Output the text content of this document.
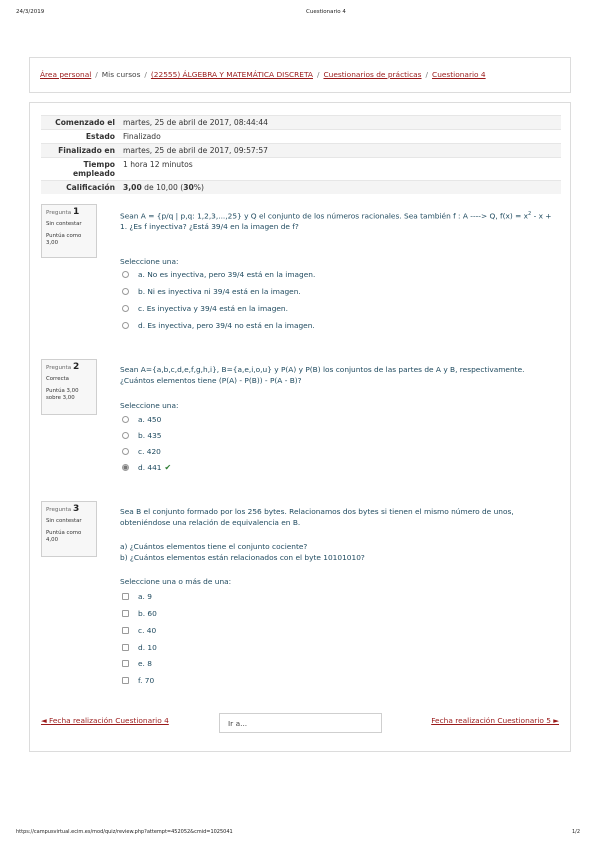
24/3/2019	Cuestionario 4
Área personal / Mis cursos / (22555) ÁLGEBRA Y MATEMÁTICA DISCRETA / Cuestionarios de prácticas / Cuestionario 4
Comenzado el	martes, 25 de abril de 2017, 08:44:44
Estado	Finalizado
Finalizado en	martes, 25 de abril de 2017, 09:57:57
Tiempo
empleado	1 hora 12 minutos
Calificación	3,00 de 10,00 (30%)
Pregunta 1
Sin contestar
Puntúa como
3,00
Sean A = {p/q | p,q: 1,2,3,...,25} y Q el conjunto de los números racionales. Sea también f : A ----> Q, $f(x) = x^2 - x + 1$. ¿Es f inyectiva? ¿Está 39/4 en la imagen de f?
Seleccione una:
a. No es inyectiva, pero 39/4 está en la imagen.
b. Ni es inyectiva ni 39/4 está en la imagen.
c. Es inyectiva y 39/4 está en la imagen.
d. Es inyectiva, pero 39/4 no está en la imagen.
Pregunta 2
Correcta
Puntúa 3,00
sobre 3,00
Sean A={a,b,c,d,e,f,g,h,i}, B={a,e,i,o,u} y P(A) y P(B) los conjuntos de las partes de A y B, respectivamente.
¿Cuántos elementos tiene (P(A) - P(B)) - P(A - B)?
Seleccione una:
a. 450
b. 435
c. 420
d. 441 ✔
Pregunta 3
Sin contestar
Puntúa como
4,00
Sea B el conjunto formado por los 256 bytes. Relacionamos dos bytes si tienen el mismo número de unos, obteniéndose una relación de equivalencia en B.
a) ¿Cuántos elementos tiene el conjunto cociente?
b) ¿Cuántos elementos están relacionados con el byte 10101010?
Seleccione una o más de una:
a. 9
b. 60
c. 40
d. 10
e. 8
f. 70
◄ Fecha realización Cuestionario 4	Ir a...	Fecha realización Cuestionario 5 ►
https://campusvirtual.ecim.es/mod/quiz/review.php?attempt=452052&cmid=1025041	1/2
